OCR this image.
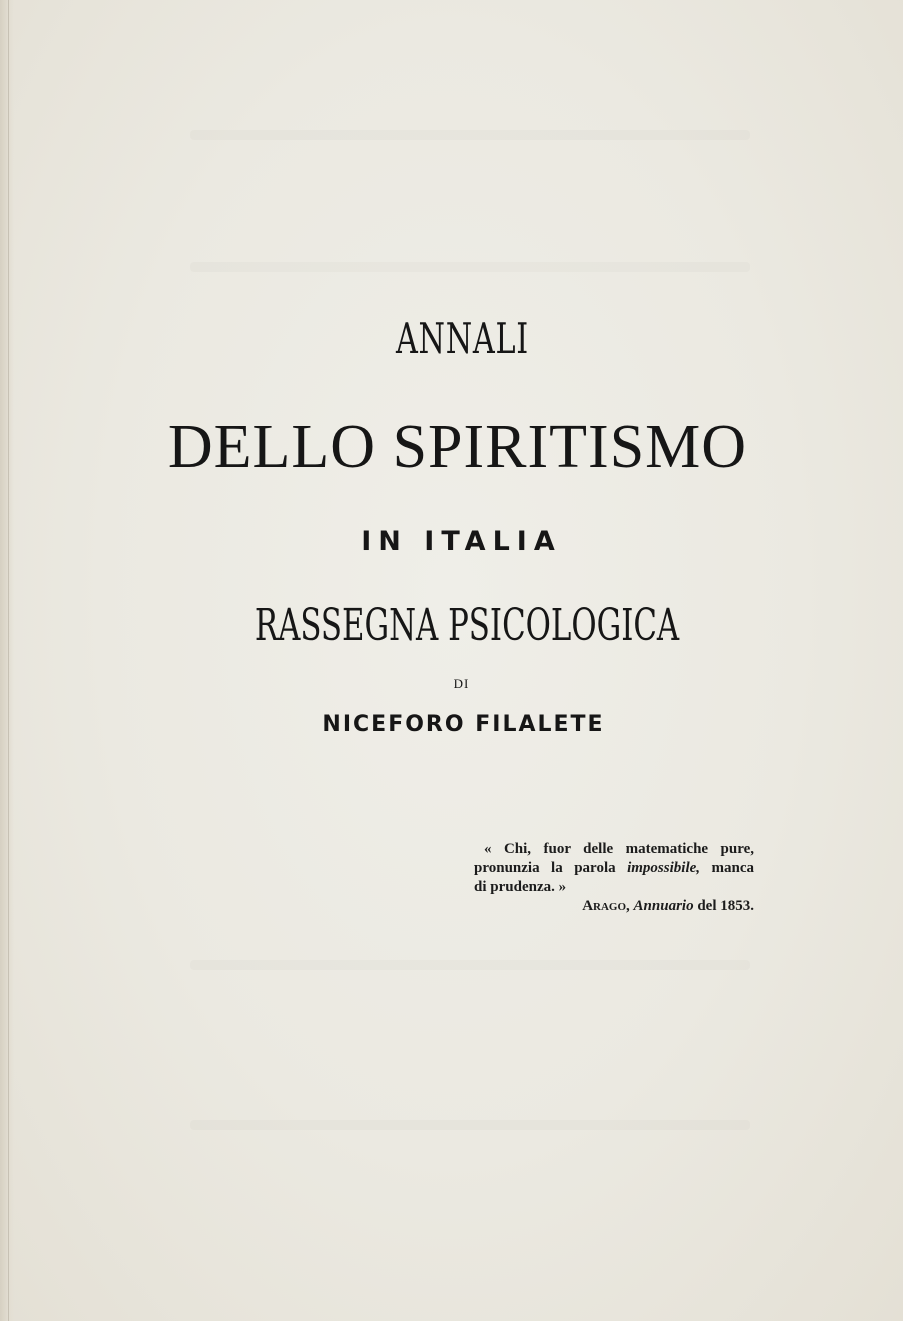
ANNALI

DELLO SPIRITISMO

IN ITALIA

RASSEGNA PSICOLOGICA

DI

NICEFORO FILALETE

« Chi, fuor delle matematiche pure,
pronunzia la parola impossibile, manca
di prudenza. »
Arago, Annuario del 1853.
